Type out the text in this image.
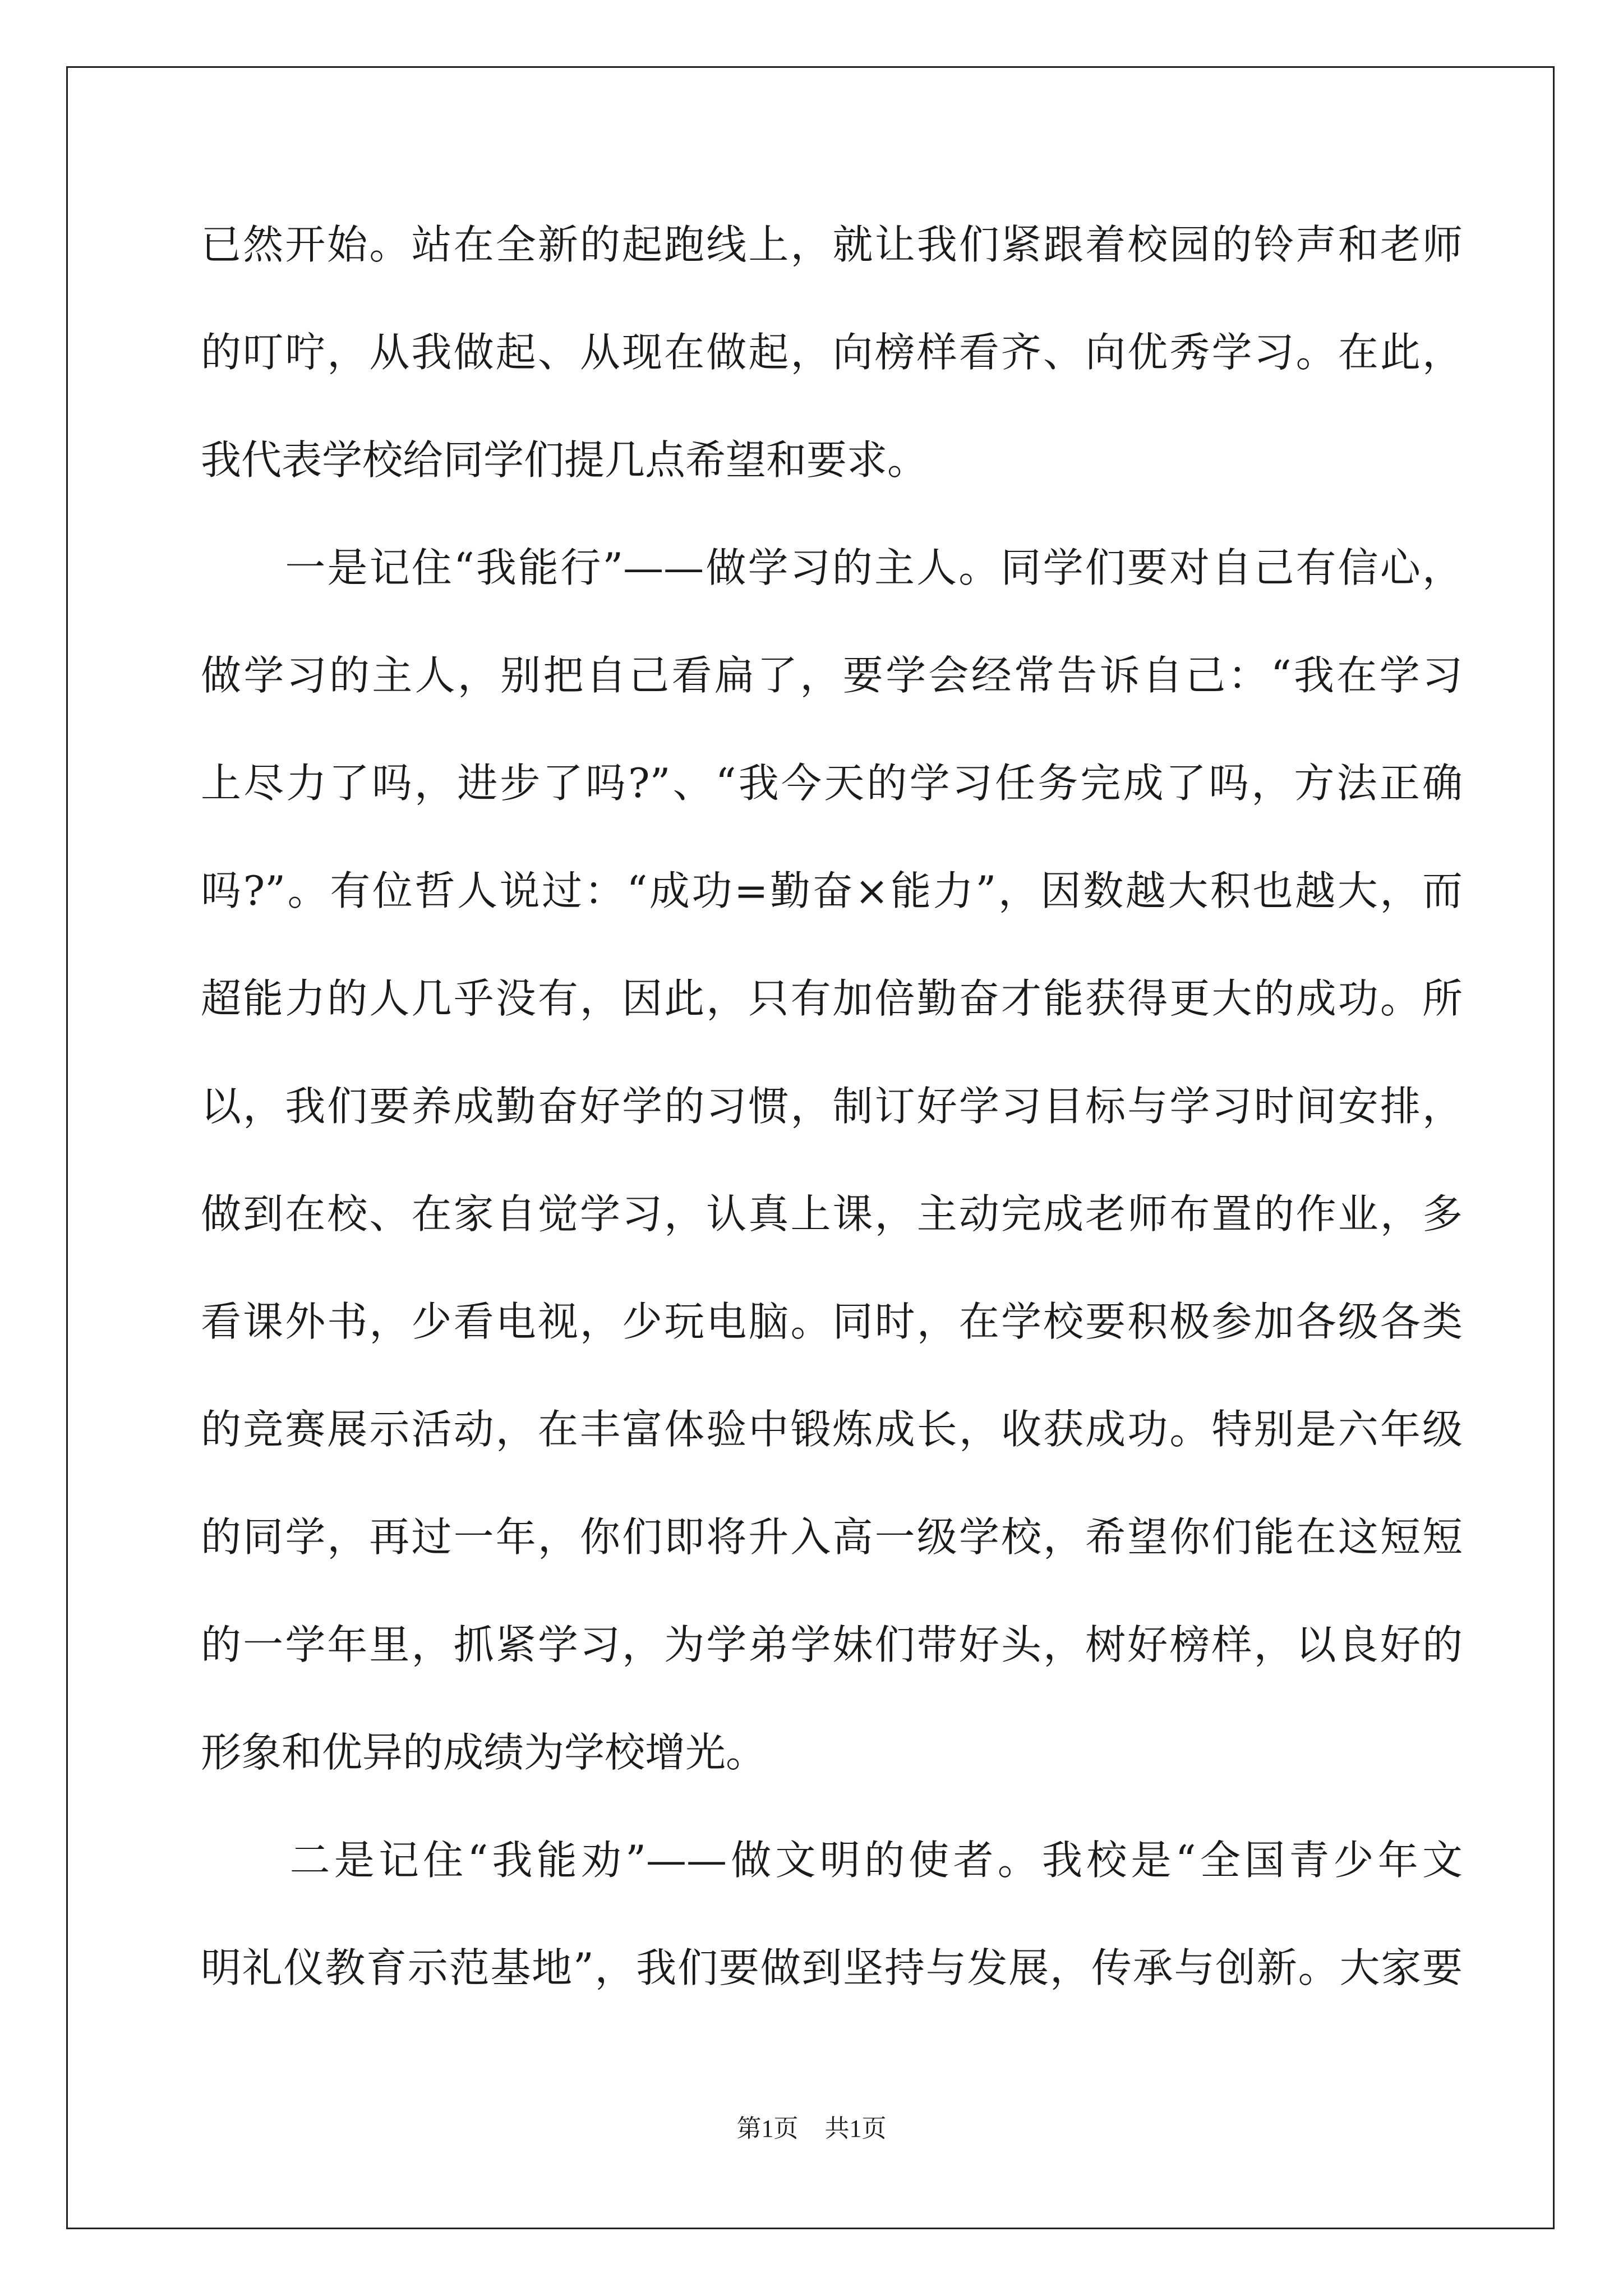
已然开始。站在全新的起跑线上，就让我们紧跟着校园的铃声和老师
的叮咛，从我做起、从现在做起，向榜样看齐、向优秀学习。在此，
我代表学校给同学们提几点希望和要求。
　　一是记住“我能行”——做学习的主人。同学们要对自己有信心，
做学习的主人，别把自己看扁了，要学会经常告诉自己：“我在学习
上尽力了吗，进步了吗?”、“我今天的学习任务完成了吗，方法正确
吗?”。有位哲人说过：“成功=勤奋×能力”，因数越大积也越大，而
超能力的人几乎没有，因此，只有加倍勤奋才能获得更大的成功。所
以，我们要养成勤奋好学的习惯，制订好学习目标与学习时间安排，
做到在校、在家自觉学习，认真上课，主动完成老师布置的作业，多
看课外书，少看电视，少玩电脑。同时，在学校要积极参加各级各类
的竞赛展示活动，在丰富体验中锻炼成长，收获成功。特别是六年级
的同学，再过一年，你们即将升入高一级学校，希望你们能在这短短
的一学年里，抓紧学习，为学弟学妹们带好头，树好榜样，以良好的
形象和优异的成绩为学校增光。
　　二是记住“我能劝”——做文明的使者。我校是“全国青少年文
明礼仪教育示范基地”，我们要做到坚持与发展，传承与创新。大家要
第1页 共1页
